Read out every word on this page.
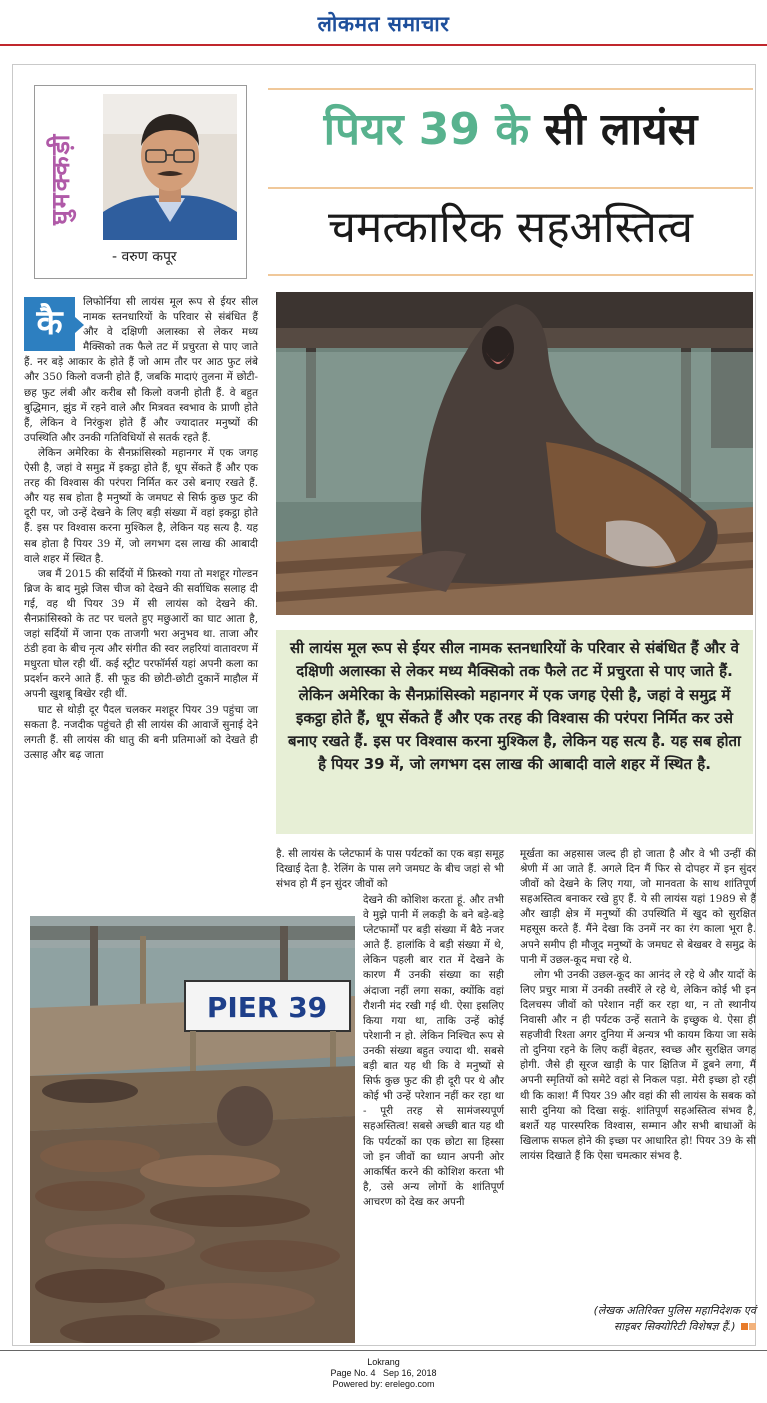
लोकमत समाचार
घुमक्कड़ी
- वरुण कपूर
पियर 39 के सी लायंस
चमत्कारिक सहअस्तित्व
सी लायंस मूल रूप से ईयर सील नामक स्तनधारियों के परिवार से संबंधित हैं और वे दक्षिणी अलास्का से लेकर मध्य मैक्सिको तक फैले तट में प्रचुरता से पाए जाते हैं. लेकिन अमेरिका के सैनफ्रांसिस्को महानगर में एक जगह ऐसी है, जहां वे समुद्र में इकट्ठा होते हैं, धूप सेंकते हैं और एक तरह की विश्वास की परंपरा निर्मित कर उसे बनाए रखते हैं. इस पर विश्वास करना मुश्किल है, लेकिन यह सत्य है. यह सब होता है पियर 39 में, जो लगभग दस लाख की आबादी वाले शहर में स्थित है.
कै

लिफोर्निया सी लायंस मूल रूप से ईयर सील नामक स्तनधारियों के परिवार से संबंधित हैं और वे दक्षिणी अलास्का से लेकर मध्य मैक्सिको तक फैले तट में प्रचुरता से पाए जाते हैं. नर बड़े आकार के होते हैं जो आम तौर पर आठ फुट लंबे और 350 किलो वजनी होते हैं, जबकि मादाएं तुलना में छोटी- छह फुट लंबी और करीब सौ किलो वजनी होती हैं. वे बहुत बुद्धिमान, झुंड में रहने वाले और मित्रवत स्वभाव के प्राणी होते हैं, लेकिन वे निरंकुश होते हैं और ज्यादातर मनुष्यों की उपस्थिति और उनकी गतिविधियों से सतर्क रहते हैं.

लेकिन अमेरिका के सैनफ्रांसिस्को महानगर में एक जगह ऐसी है, जहां वे समुद्र में इकट्ठा होते हैं, धूप सेंकते हैं और एक तरह की विश्वास की परंपरा निर्मित कर उसे बनाए रखते हैं. और यह सब होता है मनुष्यों के जमघट से सिर्फ कुछ फुट की दूरी पर, जो उन्हें देखने के लिए बड़ी संख्या में वहां इकट्ठा होते हैं. इस पर विश्वास करना मुश्किल है, लेकिन यह सत्य है. यह सब होता है पियर 39 में, जो लगभग दस लाख की आबादी वाले शहर में स्थित है.

जब मैं 2015 की सर्दियों में फ्रिस्को गया तो मशहूर गोल्डन ब्रिज के बाद मुझे जिस चीज को देखने की सर्वाधिक सलाह दी गई, वह थी पियर 39 में सी लायंस को देखने की. सैनफ्रांसिस्को के तट पर चलते हुए मछुआरों का घाट आता है, जहां सर्दियों में जाना एक ताजगी भरा अनुभव था. ताजा और ठंडी हवा के बीच नृत्य और संगीत की स्वर लहरियां वातावरण में मधुरता घोल रही थीं. कई स्ट्रीट परफॉर्मर्स यहां अपनी कला का प्रदर्शन करने आते हैं. सी फूड की छोटी-छोटी दुकानें माहौल में अपनी खुशबू बिखेर रही थीं.

घाट से थोड़ी दूर पैदल चलकर मशहूर पियर 39 पहुंचा जा सकता है. नजदीक पहुंचते ही सी लायंस की आवाजें सुनाई देने लगती हैं. सी लायंस की धातु की बनी प्रतिमाओं को देखते ही उत्साह और बढ़ जाता

है. सी लायंस के प्लेटफार्म के पास पर्यटकों का एक बड़ा समूह दिखाई देता है. रेलिंग के पास लगे जमघट के बीच जहां से भी संभव हो मैं इन सुंदर जीवों को

देखने की कोशिश करता हूं. और तभी वे मुझे पानी में लकड़ी के बने बड़े-बड़े प्लेटफार्मों पर बड़ी संख्या में बैठे नजर आते हैं. हालांकि वे बड़ी संख्या में थे, लेकिन पहली बार रात में देखने के कारण मैं उनकी संख्या का सही अंदाजा नहीं लगा सका, क्योंकि वहां रौशनी मंद रखी गई थी. ऐसा इसलिए किया गया था, ताकि उन्हें कोई परेशानी न हो. लेकिन निश्चित रूप से उनकी संख्या बहुत ज्यादा थी. सबसे बड़ी बात यह थी कि वे मनुष्यों से सिर्फ कुछ फुट की ही दूरी पर थे और कोई भी उन्हें परेशान नहीं कर रहा था - पूरी तरह से सामंजस्यपूर्ण सहअस्तित्व! सबसे अच्छी बात यह थी कि पर्यटकों का एक छोटा सा हिस्सा जो इन जीवों का ध्यान अपनी ओर आकर्षित करने की कोशिश करता भी है, उसे अन्य लोगों के शांतिपूर्ण आचरण को देख कर अपनी

मूर्खता का अहसास जल्द ही हो जाता है और वे भी उन्हीं की श्रेणी में आ जाते हैं. अगले दिन मैं फिर से दोपहर में इन सुंदर जीवों को देखने के लिए गया, जो मानवता के साथ शांतिपूर्ण सहअस्तित्व बनाकर रखे हुए हैं. ये सी लायंस यहां 1989 से हैं और खाड़ी क्षेत्र में मनुष्यों की उपस्थिति में खुद को सुरक्षित महसूस करते हैं. मैंने देखा कि उनमें नर का रंग काला भूरा है. अपने समीप ही मौजूद मनुष्यों के जमघट से बेखबर वे समुद्र के पानी में उछल-कूद मचा रहे थे.

लोग भी उनकी उछल-कूद का आनंद ले रहे थे और यादों के लिए प्रचुर मात्रा में उनकी तस्वीरें ले रहे थे, लेकिन कोई भी इन दिलचस्प जीवों को परेशान नहीं कर रहा था, न तो स्थानीय निवासी और न ही पर्यटक उन्हें सताने के इच्छुक थे. ऐसा ही सहजीवी रिश्ता अगर दुनिया में अन्यत्र भी कायम किया जा सके तो दुनिया रहने के लिए कहीं बेहतर, स्वच्छ और सुरक्षित जगह होगी. जैसे ही सूरज खाड़ी के पार क्षितिज में डूबने लगा, मैं अपनी स्मृतियों को समेटे वहां से निकल पड़ा. मेरी इच्छा हो रही थी कि काश! मैं पियर 39 और वहां की सी लायंस के सबक को सारी दुनिया को दिखा सकूं. शांतिपूर्ण सहअस्तित्व संभव है, बशर्ते यह पारस्परिक विश्वास, सम्मान और सभी बाधाओं के खिलाफ सफल होने की इच्छा पर आधारित हो! पियर 39 के सी लायंस दिखाते हैं कि ऐसा चमत्कार संभव है.

PIER 39
(लेखक अतिरिक्त पुलिस महानिदेशक एवं
साइबर सिक्योरिटी विशेषज्ञ हैं.)
Lokrang
Page No. 4 Sep 16, 2018
Powered by: erelego.com
